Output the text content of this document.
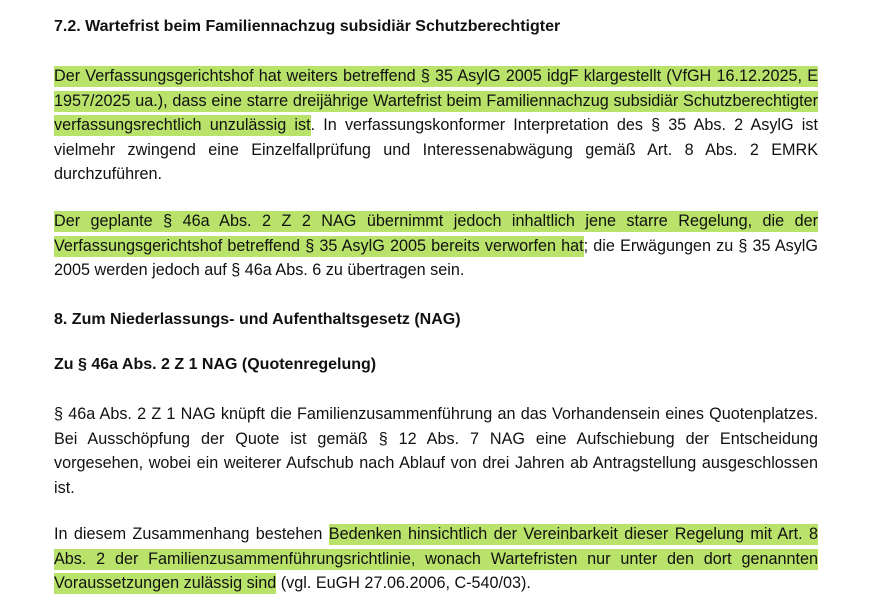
7.2. Wartefrist beim Familiennachzug subsidiär Schutzberechtigter
Der Verfassungsgerichtshof hat weiters betreffend § 35 AsylG 2005 idgF klargestellt (VfGH 16.12.2025, E 1957/2025 ua.), dass eine starre dreijährige Wartefrist beim Familiennachzug subsidiär Schutzberechtigter verfassungsrechtlich unzulässig ist. In verfassungskonformer Interpretation des § 35 Abs. 2 AsylG ist vielmehr zwingend eine Einzelfallprüfung und Interessenabwägung gemäß Art. 8 Abs. 2 EMRK durchzuführen.
Der geplante § 46a Abs. 2 Z 2 NAG übernimmt jedoch inhaltlich jene starre Regelung, die der Verfassungsgerichtshof betreffend § 35 AsylG 2005 bereits verworfen hat; die Erwägungen zu § 35 AsylG 2005 werden jedoch auf § 46a Abs. 6 zu übertragen sein.
8. Zum Niederlassungs- und Aufenthaltsgesetz (NAG)
Zu § 46a Abs. 2 Z 1 NAG (Quotenregelung)
§ 46a Abs. 2 Z 1 NAG knüpft die Familienzusammenführung an das Vorhandensein eines Quotenplatzes. Bei Ausschöpfung der Quote ist gemäß § 12 Abs. 7 NAG eine Aufschiebung der Entscheidung vorgesehen, wobei ein weiterer Aufschub nach Ablauf von drei Jahren ab Antragstellung ausgeschlossen ist.
In diesem Zusammenhang bestehen Bedenken hinsichtlich der Vereinbarkeit dieser Regelung mit Art. 8 Abs. 2 der Familienzusammenführungsrichtlinie, wonach Wartefristen nur unter den dort genannten Voraussetzungen zulässig sind (vgl. EuGH 27.06.2006, C-540/03).
